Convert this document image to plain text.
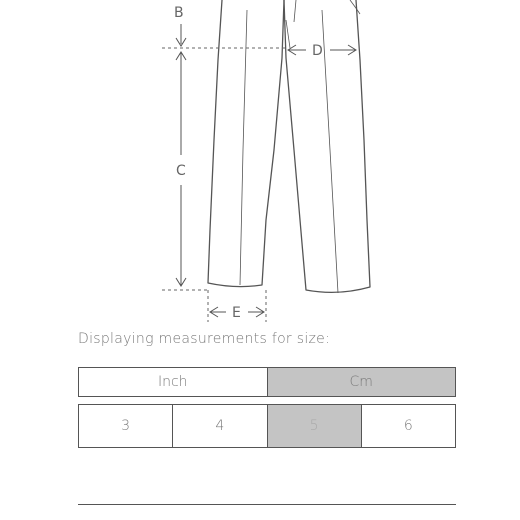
B
C
D
E
Displaying measurements for size:
Inch	Cm
3	4	5	6
